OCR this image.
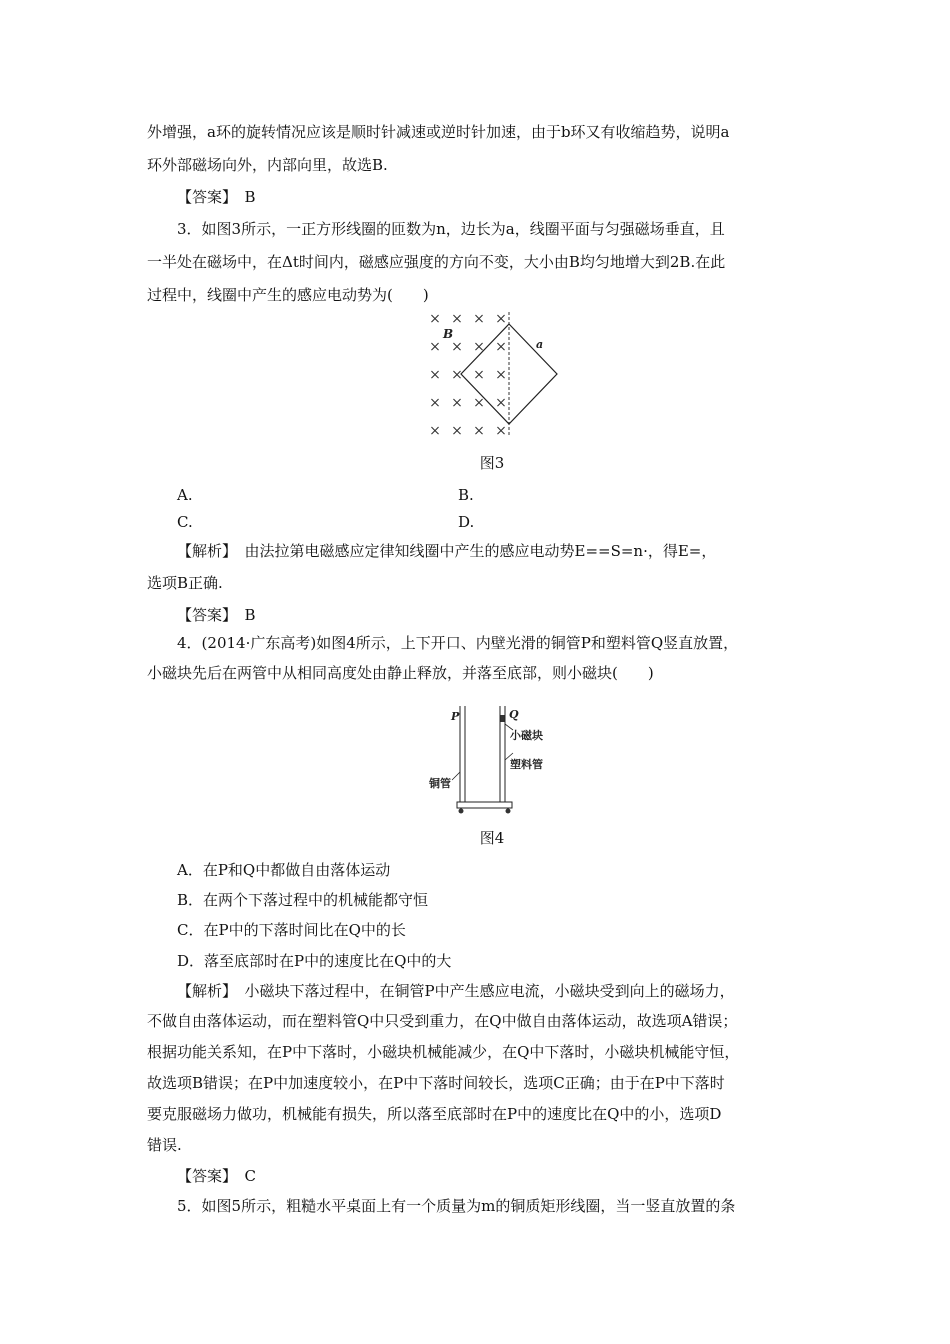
外增强，a环的旋转情况应该是顺时针减速或逆时针加速，由于b环又有收缩趋势，说明a
环外部磁场向外，内部向里，故选B.
【答案】　B
3．如图3所示，一正方形线圈的匝数为n，边长为a，线圈平面与匀强磁场垂直，且
一半处在磁场中，在Δt时间内，磁感应强度的方向不变，大小由B均匀地增大到2B.在此
过程中，线圈中产生的感应电动势为(　　)
× × × ×
× × × ×
× × × ×
× × × ×
× × × ×
B
a
图3
A.	B.
C.	D.
【解析】　由法拉第电磁感应定律知线圈中产生的感应电动势E==S=n·，得E=，
选项B正确.
【答案】　B
4．(2014·广东高考)如图4所示，上下开口、内壁光滑的铜管P和塑料管Q竖直放置，
小磁块先后在两管中从相同高度处由静止释放，并落至底部，则小磁块(　　)
P	Q
小磁块
塑料管
铜管
图4
A．在P和Q中都做自由落体运动
B．在两个下落过程中的机械能都守恒
C．在P中的下落时间比在Q中的长
D．落至底部时在P中的速度比在Q中的大
【解析】　小磁块下落过程中，在铜管P中产生感应电流，小磁块受到向上的磁场力，
不做自由落体运动，而在塑料管Q中只受到重力，在Q中做自由落体运动，故选项A错误；
根据功能关系知，在P中下落时，小磁块机械能减少，在Q中下落时，小磁块机械能守恒，
故选项B错误；在P中加速度较小，在P中下落时间较长，选项C正确；由于在P中下落时
要克服磁场力做功，机械能有损失，所以落至底部时在P中的速度比在Q中的小，选项D
错误.
【答案】　C
5．如图5所示，粗糙水平桌面上有一个质量为m的铜质矩形线圈，当一竖直放置的条
